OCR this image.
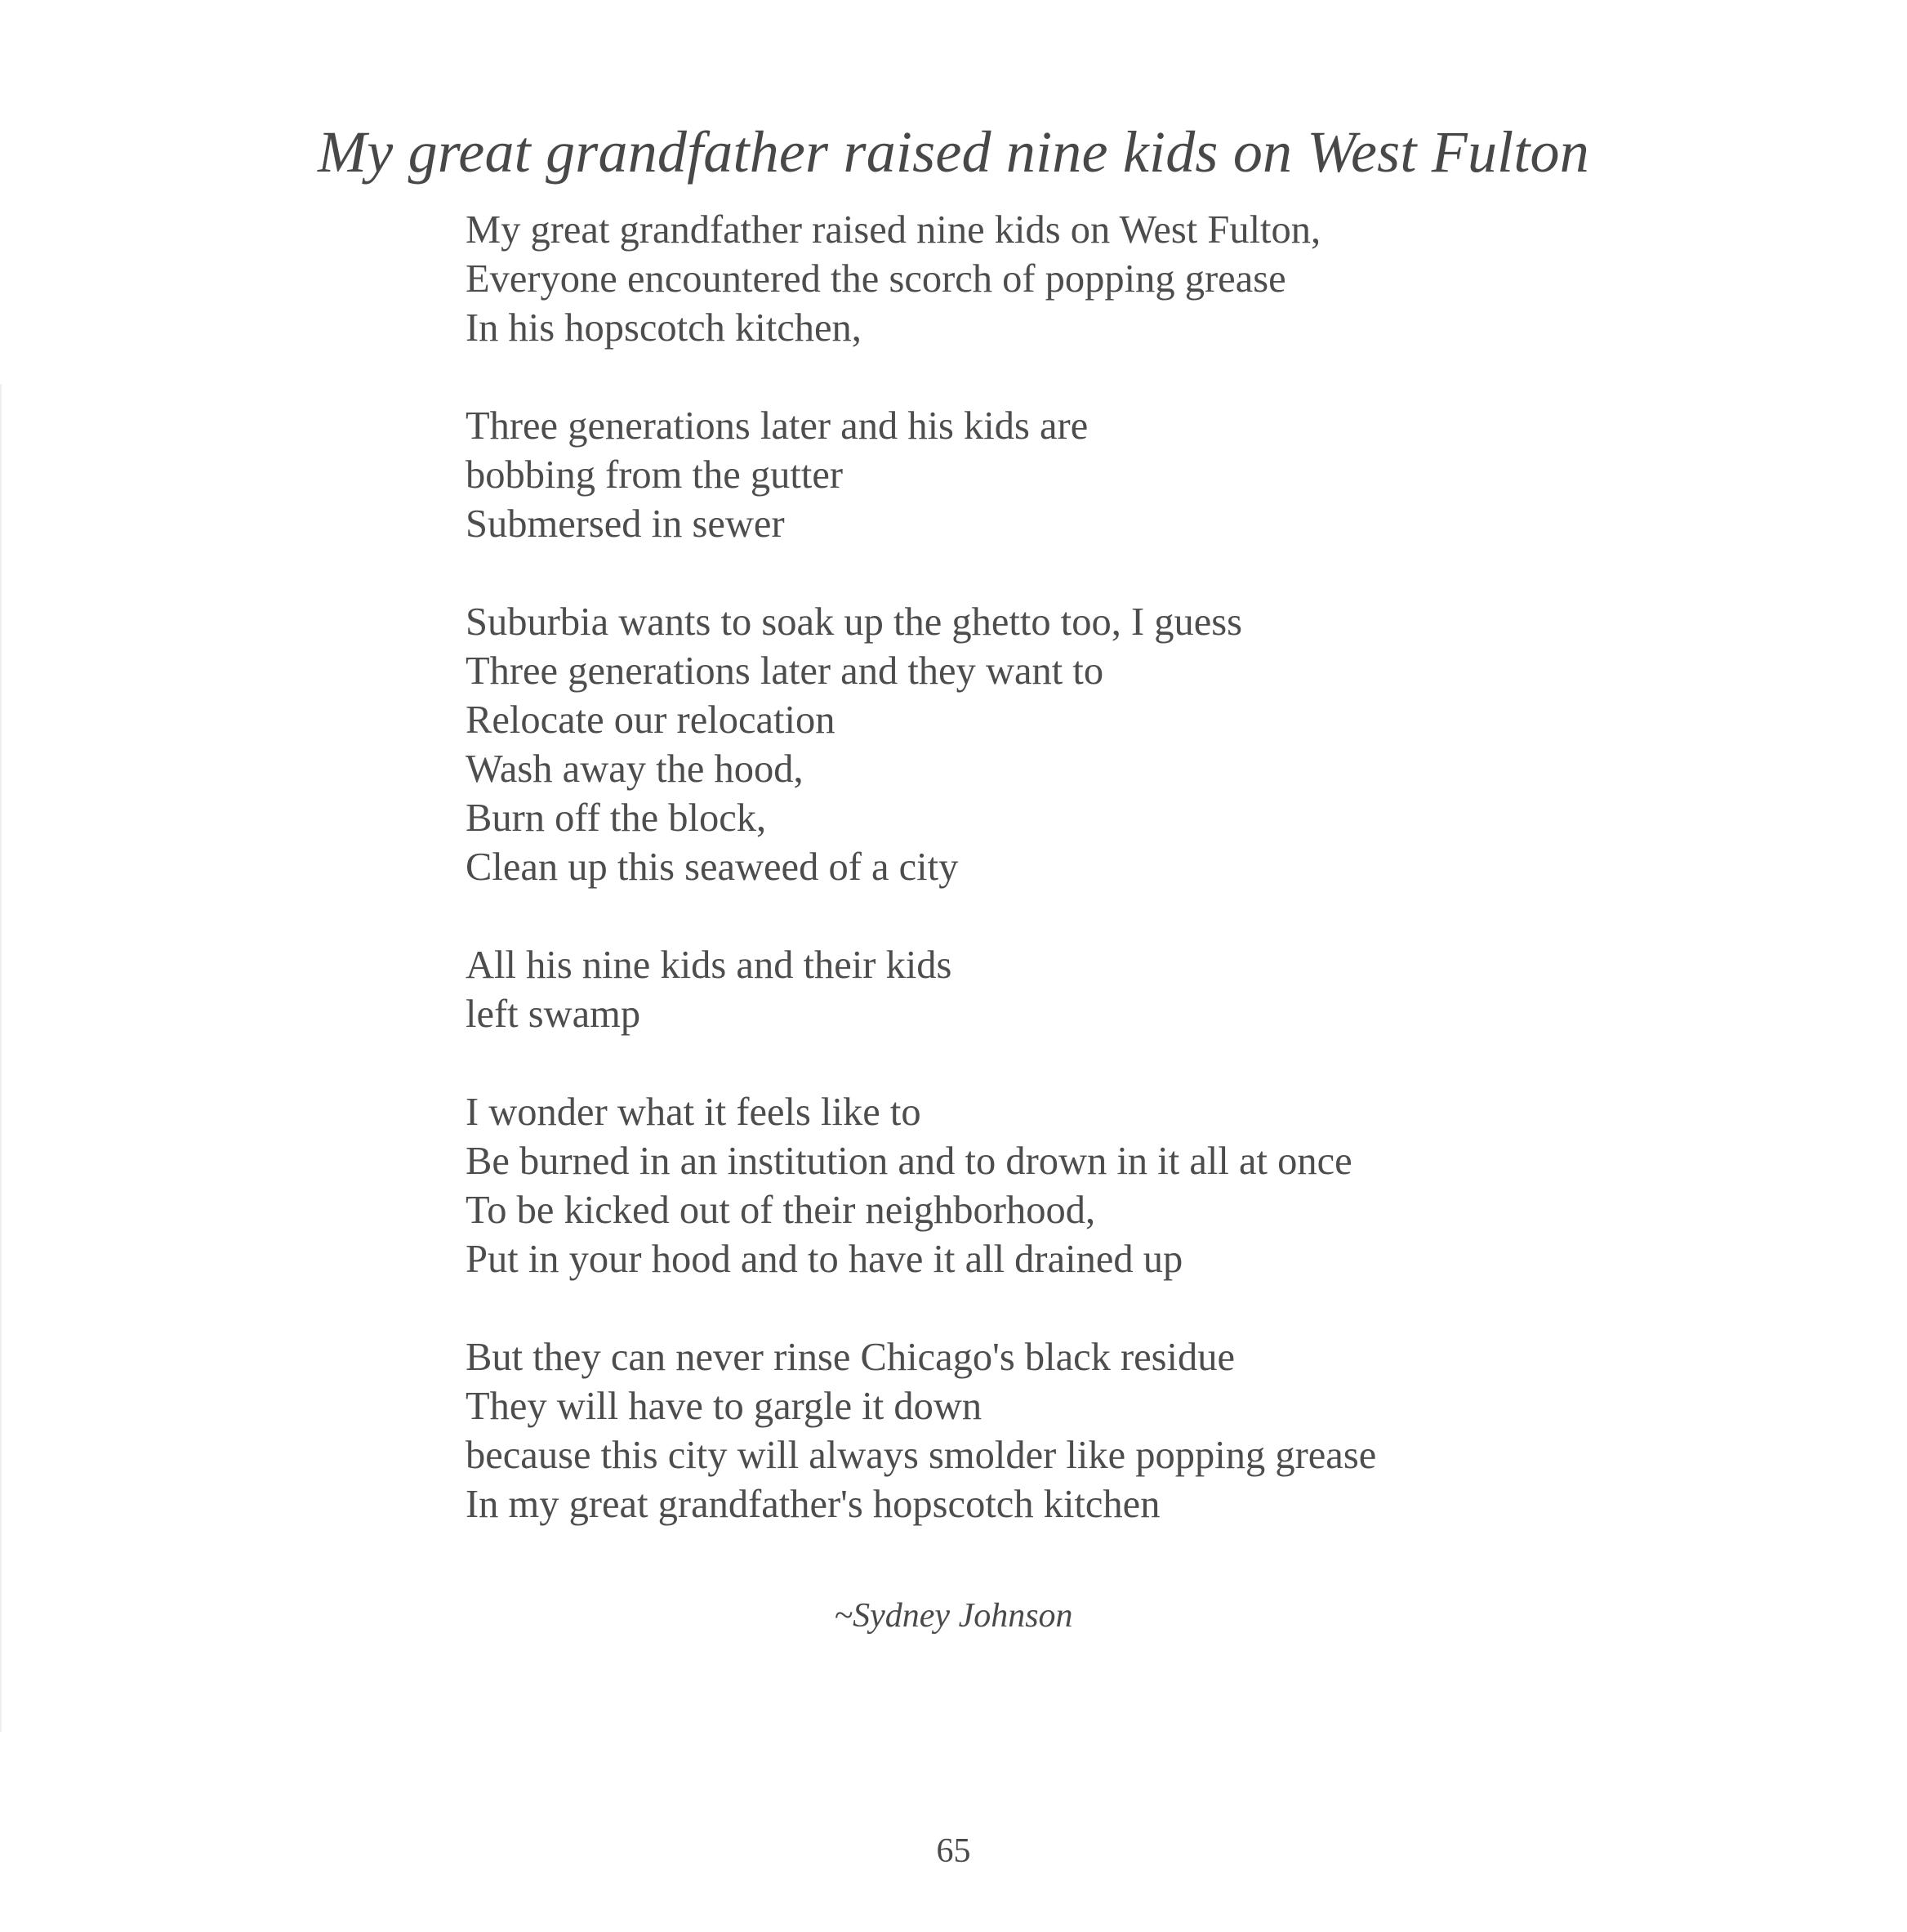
My great grandfather raised nine kids on West Fulton
My great grandfather raised nine kids on West Fulton,
Everyone encountered the scorch of popping grease
In his hopscotch kitchen,
Three generations later and his kids are
bobbing from the gutter
Submersed in sewer
Suburbia wants to soak up the ghetto too, I guess
Three generations later and they want to
Relocate our relocation
Wash away the hood,
Burn off the block,
Clean up this seaweed of a city
All his nine kids and their kids
left swamp
I wonder what it feels like to
Be burned in an institution and to drown in it all at once
To be kicked out of their neighborhood,
Put in your hood and to have it all drained up
But they can never rinse Chicago's black residue
They will have to gargle it down
because this city will always smolder like popping grease
In my great grandfather's hopscotch kitchen
~Sydney Johnson
65
